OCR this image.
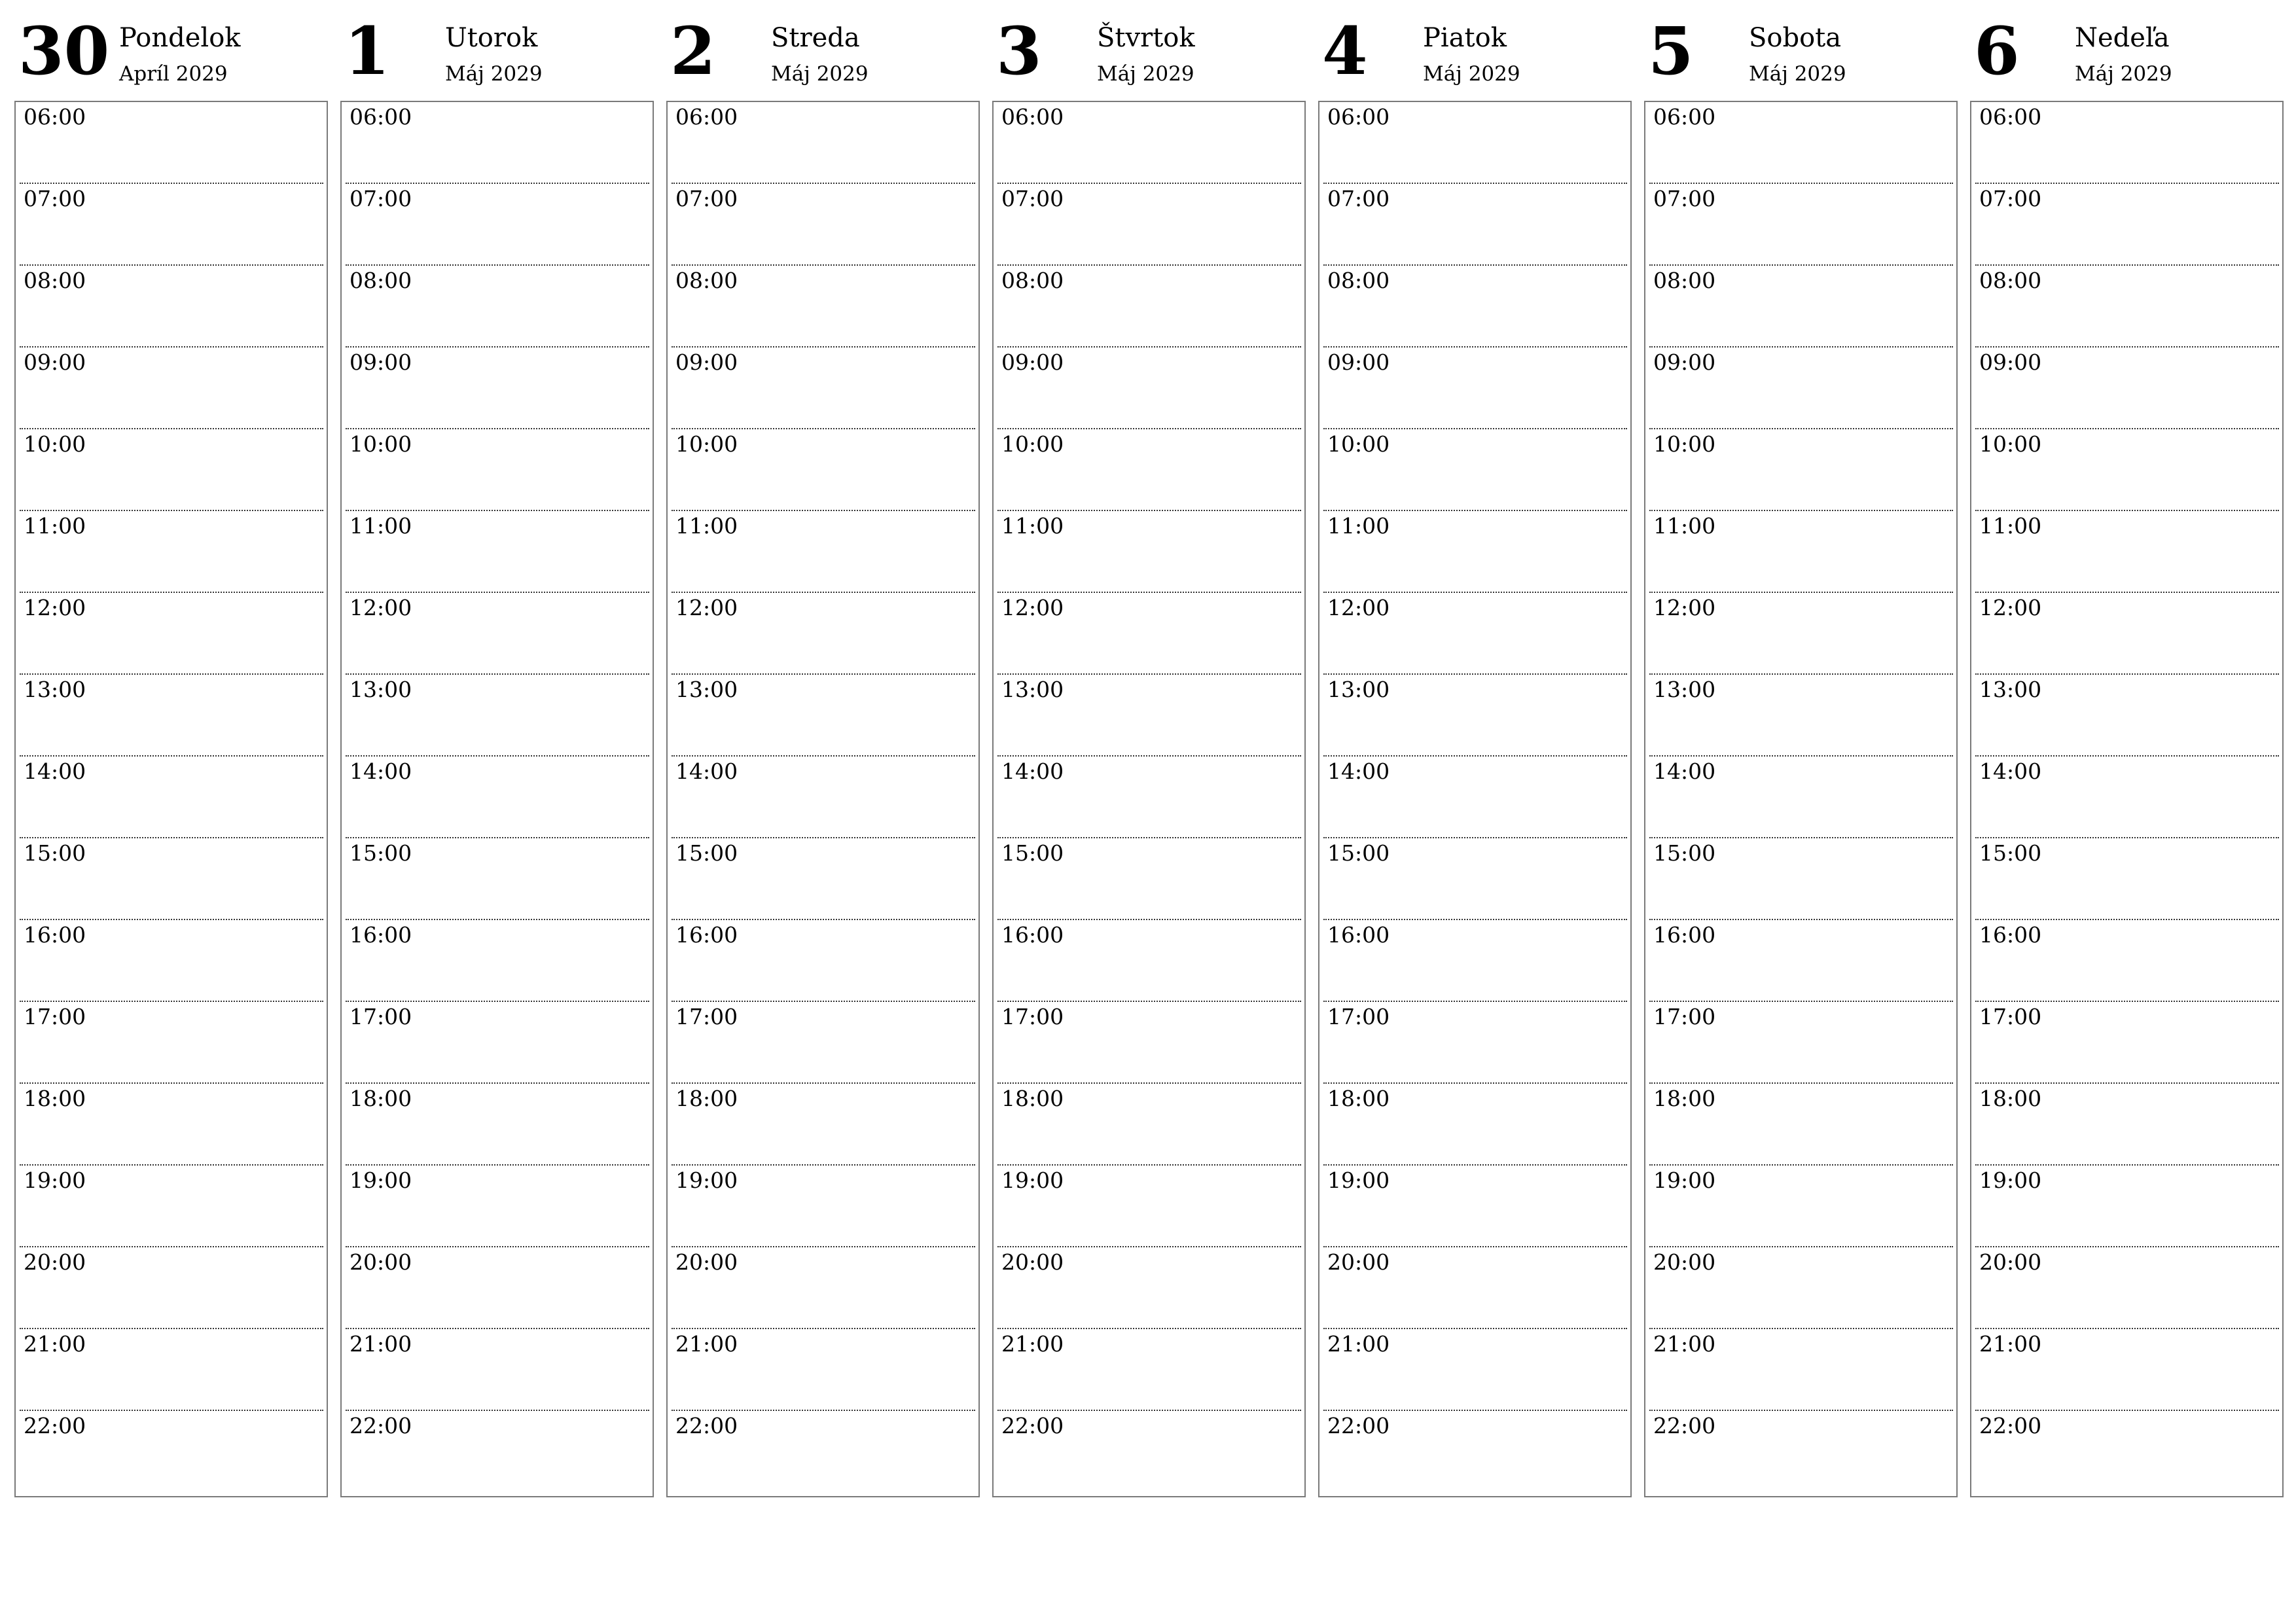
30 Pondelok
Apríl 2029
06:00
07:00
08:00
09:00
10:00
11:00
12:00
13:00
14:00
15:00
16:00
17:00
18:00
19:00
20:00
21:00
22:00
1 Utorok
Máj 2029
06:00
07:00
08:00
09:00
10:00
11:00
12:00
13:00
14:00
15:00
16:00
17:00
18:00
19:00
20:00
21:00
22:00
2 Streda
Máj 2029
06:00
07:00
08:00
09:00
10:00
11:00
12:00
13:00
14:00
15:00
16:00
17:00
18:00
19:00
20:00
21:00
22:00
3 Štvrtok
Máj 2029
06:00
07:00
08:00
09:00
10:00
11:00
12:00
13:00
14:00
15:00
16:00
17:00
18:00
19:00
20:00
21:00
22:00
4 Piatok
Máj 2029
06:00
07:00
08:00
09:00
10:00
11:00
12:00
13:00
14:00
15:00
16:00
17:00
18:00
19:00
20:00
21:00
22:00
5 Sobota
Máj 2029
06:00
07:00
08:00
09:00
10:00
11:00
12:00
13:00
14:00
15:00
16:00
17:00
18:00
19:00
20:00
21:00
22:00
6 Nedeľa
Máj 2029
06:00
07:00
08:00
09:00
10:00
11:00
12:00
13:00
14:00
15:00
16:00
17:00
18:00
19:00
20:00
21:00
22:00
